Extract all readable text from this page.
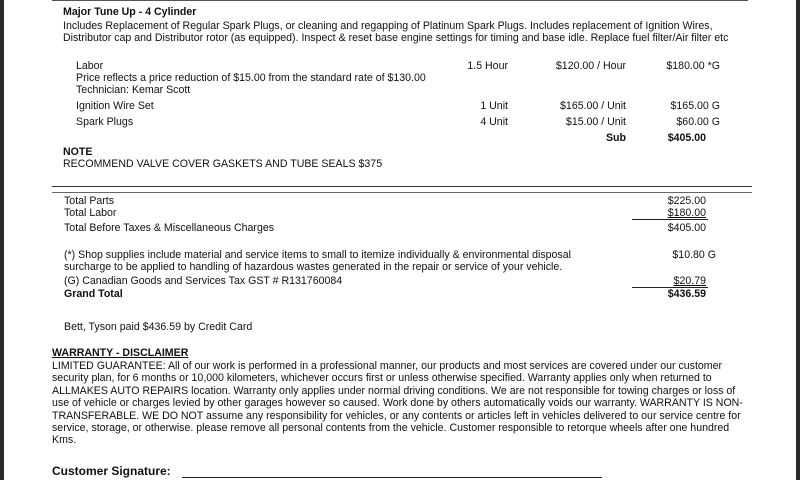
Major Tune Up - 4 Cylinder
Includes Replacement of Regular Spark Plugs, or cleaning and regapping of Platinum Spark Plugs. Includes replacement of Ignition Wires, Distributor cap and Distributor rotor (as equipped). Inspect & reset base engine settings for timing and base idle. Replace fuel filter/Air filter etc
Labor	1.5 Hour	$120.00 / Hour	$180.00 *G
Price reflects a price reduction of $15.00 from the standard rate of $130.00
Technician: Kemar Scott
Ignition Wire Set	1 Unit	$165.00 / Unit	$165.00 G
Spark Plugs	4 Unit	$15.00 / Unit	$60.00 G
Sub	$405.00
NOTE
RECOMMEND VALVE COVER GASKETS AND TUBE SEALS $375
Total Parts	$225.00
Total Labor	$180.00
Total Before Taxes & Miscellaneous Charges	$405.00
(*) Shop supplies include material and service items to small to itemize individually & environmental disposal	$10.80 G
surcharge to be applied to handling of hazardous wastes generated in the repair or service of your vehicle.
(G) Canadian Goods and Services Tax GST # R131760084	$20.79
Grand Total	$436.59
Bett, Tyson paid $436.59 by Credit Card
WARRANTY - DISCLAIMER
LIMITED GUARANTEE: All of our work is performed in a professional manner, our products and most services are covered under our customer security plan, for 6 months or 10,000 kilometers, whichever occurs first or unless otherwise specified. Warranty applies only when returned to ALLMAKES AUTO REPAIRS location. Warranty only applies under normal driving conditions. We are not responsible for towing charges or loss of use of vehicle or charges levied by other garages however so caused. Work done by others automatically voids our warranty. WARRANTY IS NON-TRANSFERABLE. WE DO NOT assume any responsibility for vehicles, or any contents or articles left in vehicles delivered to our service centre for service, storage, or otherwise. please remove all personal contents from the vehicle. Customer responsible to retorque wheels after one hundred Kms.
Customer Signature:
